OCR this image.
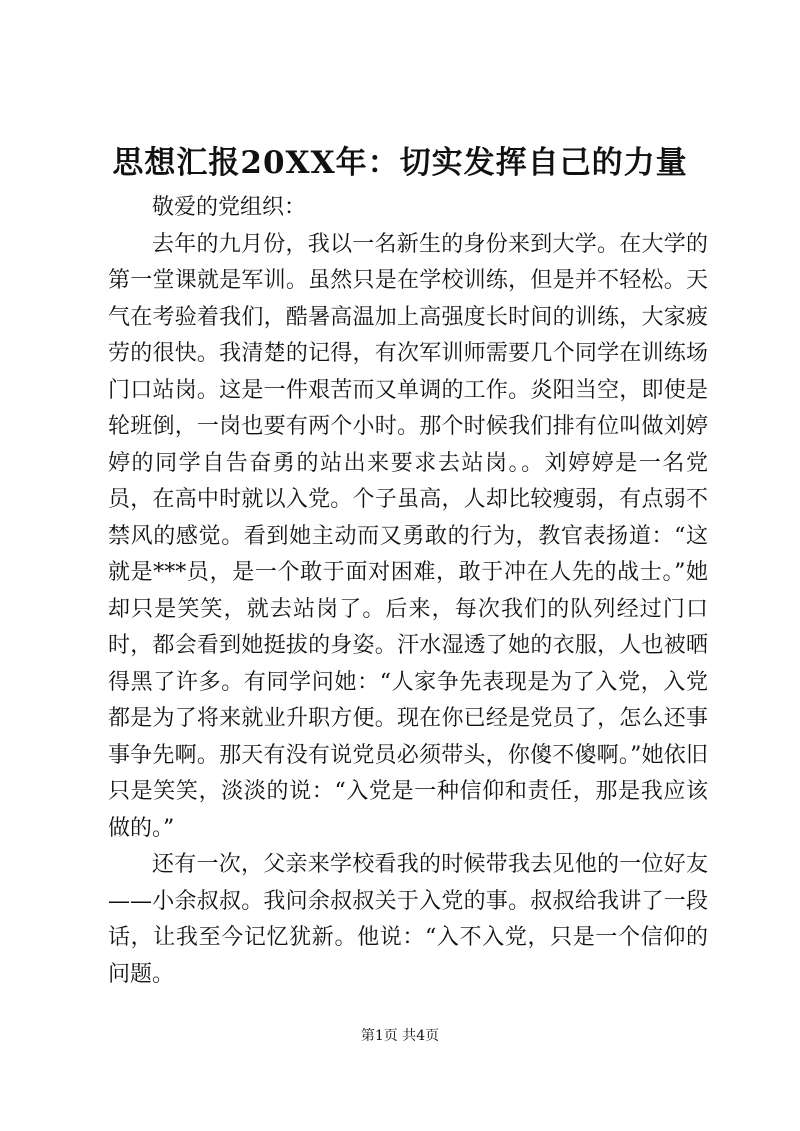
思想汇报20XX年：切实发挥自己的力量

敬爱的党组织：

去年的九月份，我以一名新生的身份来到大学。在大学的第一堂课就是军训。虽然只是在学校训练，但是并不轻松。天气在考验着我们，酷暑高温加上高强度长时间的训练，大家疲劳的很快。我清楚的记得，有次军训师需要几个同学在训练场门口站岗。这是一件艰苦而又单调的工作。炎阳当空，即使是轮班倒，一岗也要有两个小时。那个时候我们排有位叫做刘婷婷的同学自告奋勇的站出来要求去站岗。。刘婷婷是一名党员，在高中时就以入党。个子虽高，人却比较瘦弱，有点弱不禁风的感觉。看到她主动而又勇敢的行为，教官表扬道：“这就是***员，是一个敢于面对困难，敢于冲在人先的战士。”她却只是笑笑，就去站岗了。后来，每次我们的队列经过门口时，都会看到她挺拔的身姿。汗水湿透了她的衣服，人也被晒得黑了许多。有同学问她：“人家争先表现是为了入党，入党都是为了将来就业升职方便。现在你已经是党员了，怎么还事事争先啊。那天有没有说党员必须带头，你傻不傻啊。”她依旧只是笑笑，淡淡的说：“入党是一种信仰和责任，那是我应该做的。”

还有一次，父亲来学校看我的时候带我去见他的一位好友——小余叔叔。我问余叔叔关于入党的事。叔叔给我讲了一段话，让我至今记忆犹新。他说：“入不入党，只是一个信仰的问题。

第1页 共4页
